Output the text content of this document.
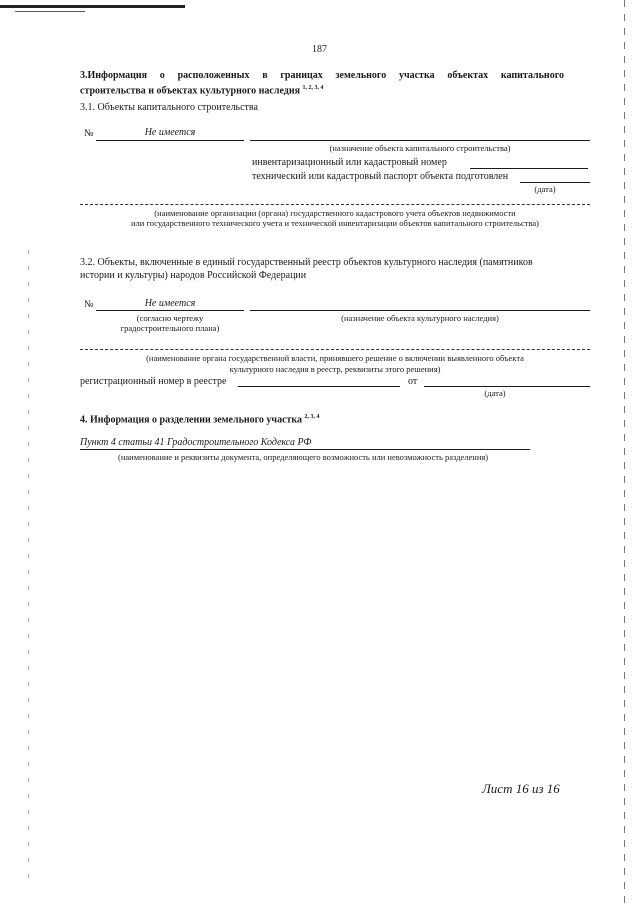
187
3.Информация о расположенных в границах земельного участка объектах капитального
строительства и объектах культурного наследия $^{1, 2, 3, 4}$
3.1. Объекты капитального строительства
№	Не имеется
(назначение объекта капитального строительства)
инвентаризационный или кадастровый номер
технический или кадастровый паспорт объекта подготовлен
(дата)
(наименование организации (органа) государственного кадастрового учета объектов недвижимости
или государственного технического учета и технической инвентаризации объектов капитального строительства)
3.2. Объекты, включенные в единый государственный реестр объектов культурного наследия (памятников
истории и культуры) народов Российской Федерации
№	Не имеется
(согласно чертежу
градостроительного плана)
(назначение объекта культурного наследия)
(наименование органа государственной власти, принявшего решение о включении выявленного объекта
культурного наследия в реестр, реквизиты этого решения)
регистрационный номер в реестре	от
(дата)
4. Информация о разделении земельного участка $^{2, 3, 4}$
Пункт 4 статьи 41 Градостроительного Кодекса РФ
(наименование и реквизиты документа, определяющего возможность или невозможность разделения)
Лист 16 из 16
